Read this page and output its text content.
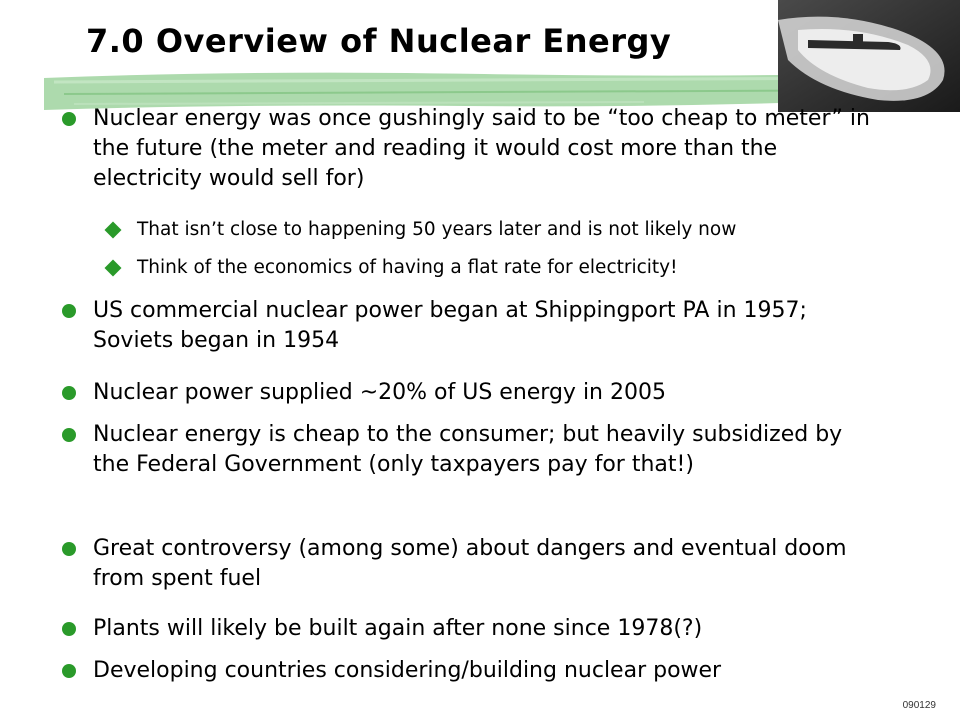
7.0 Overview of Nuclear Energy
Nuclear energy was once gushingly said to be “too cheap to meter” in the future (the meter and reading it would cost more than the electricity would sell for)
That isn’t close to happening 50 years later and is not likely now
Think of the economics of having a flat rate for electricity!
US commercial nuclear power began at Shippingport PA in 1957; Soviets began in 1954
Nuclear power supplied ~20% of US energy in 2005
Nuclear energy is cheap to the consumer; but heavily subsidized by the Federal Government (only taxpayers pay for that!)
Great controversy (among some) about dangers and eventual doom from spent fuel
Plants will likely be built again after none since 1978(?)
Developing countries considering/building nuclear power
090129
